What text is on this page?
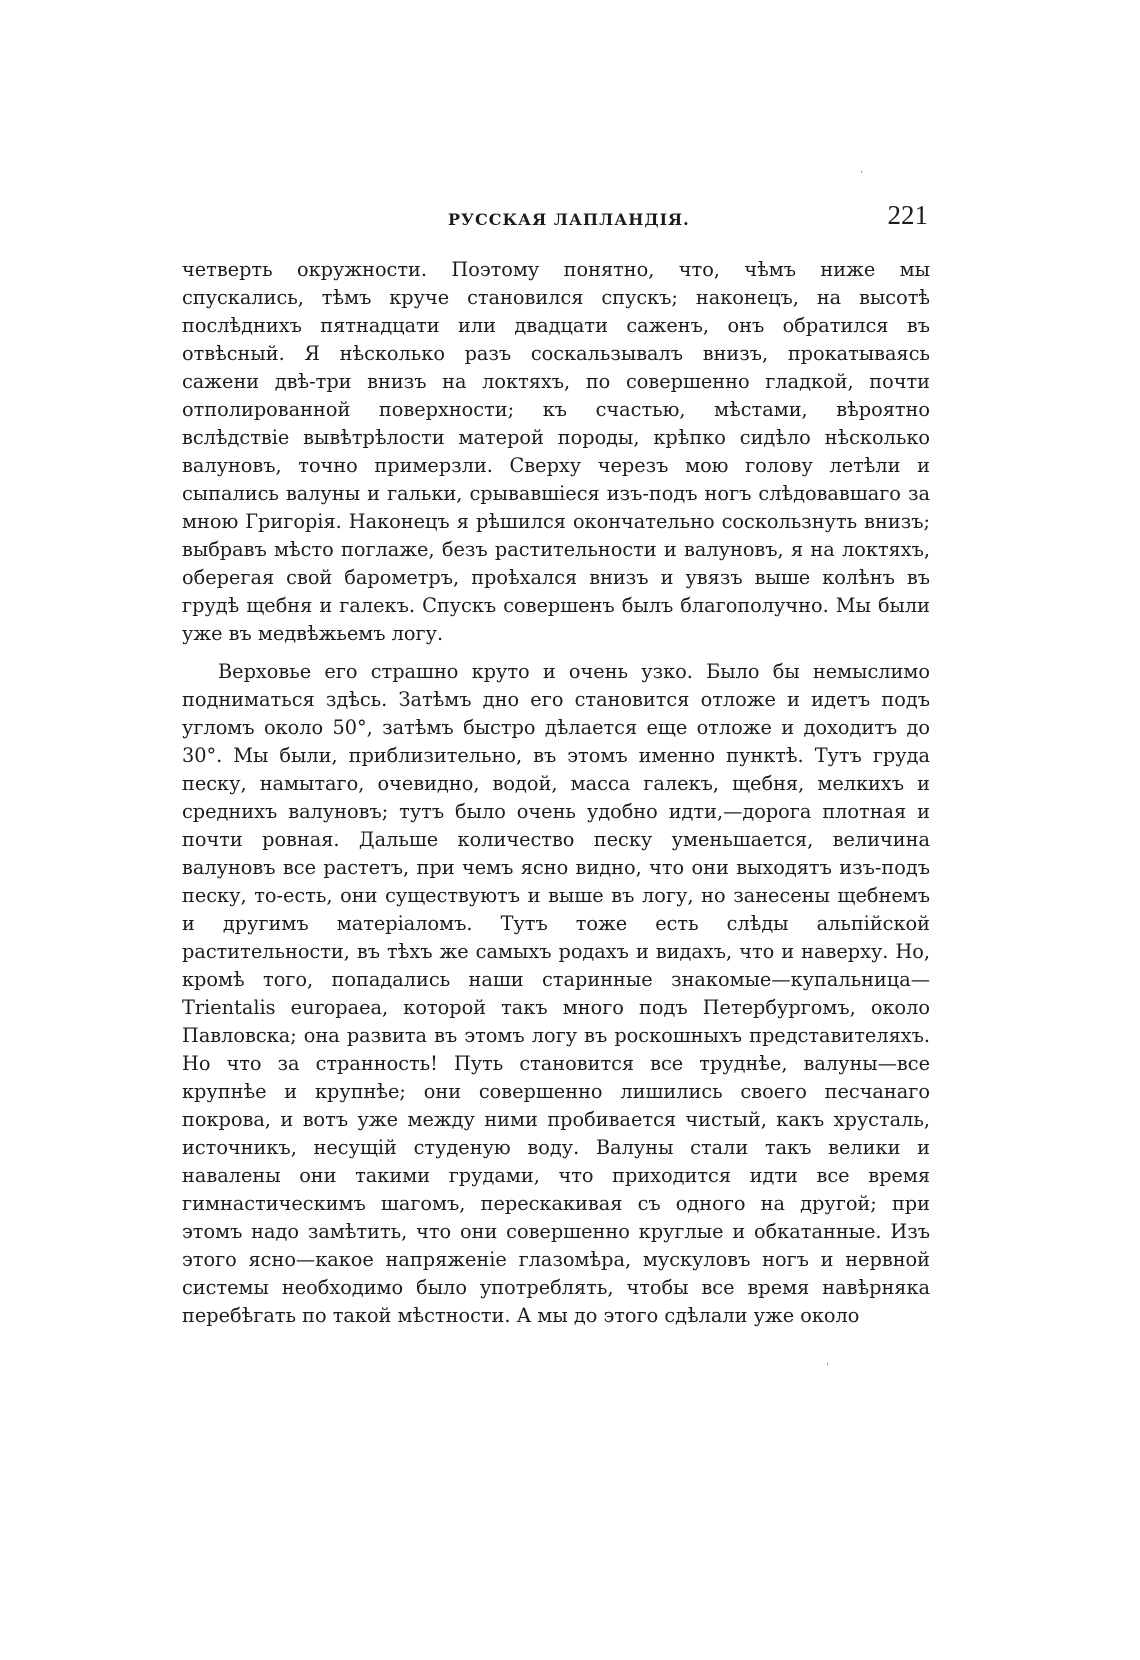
ʼ
РУССКАЯ ЛАПЛАНДІЯ.	221

четверть окружности. Поэтому понятно, что, чѣмъ ниже мы спускались, тѣмъ круче становился спускъ; наконецъ, на высотѣ послѣднихъ пятнадцати или двадцати саженъ, онъ обратился въ отвѣсный. Я нѣсколько разъ соскальзывалъ внизъ, прокатываясь сажени двѣ-три внизъ на локтяхъ, по совершенно гладкой, почти отполированной поверхности; къ счастью, мѣстами, вѣроятно вслѣдствіе вывѣтрѣлости матерой породы, крѣпко сидѣло нѣсколько валуновъ, точно примерзли. Сверху черезъ мою голову летѣли и сыпались валуны и гальки, срывавшіеся изъ-подъ ногъ слѣдовавшаго за мною Григорія. Наконецъ я рѣшился окончательно соскользнуть внизъ; выбравъ мѣсто поглаже, безъ растительности и валуновъ, я на локтяхъ, оберегая свой барометръ, проѣхался внизъ и увязъ выше колѣнъ въ грудѣ щебня и галекъ. Спускъ совершенъ былъ благополучно. Мы были уже въ медвѣжьемъ логу.

Верховье его страшно круто и очень узко. Было бы немыслимо подниматься здѣсь. Затѣмъ дно его становится отложе и идетъ подъ угломъ около 50°, затѣмъ быстро дѣлается еще отложе и доходитъ до 30°. Мы были, приблизительно, въ этомъ именно пунктѣ. Тутъ груда песку, намытаго, очевидно, водой, масса галекъ, щебня, мелкихъ и среднихъ валуновъ; тутъ было очень удобно идти,—дорога плотная и почти ровная. Дальше количество песку уменьшается, величина валуновъ все растетъ, при чемъ ясно видно, что они выходятъ изъ-подъ песку, то-есть, они существуютъ и выше въ логу, но занесены щебнемъ и другимъ матеріаломъ. Тутъ тоже есть слѣды альпійской растительности, въ тѣхъ же самыхъ родахъ и видахъ, что и наверху. Но, кромѣ того, попадались наши старинные знакомые—купальница—Trientalis europaea, которой такъ много подъ Петербургомъ, около Павловска; она развита въ этомъ логу въ роскошныхъ представителяхъ. Но что за странность! Путь становится все труднѣе, валуны—все крупнѣе и крупнѣе; они совершенно лишились своего песчанаго покрова, и вотъ уже между ними пробивается чистый, какъ хрусталь, источникъ, несущій студеную воду. Валуны стали такъ велики и навалены они такими грудами, что приходится идти все время гимнастическимъ шагомъ, перескакивая съ одного на другой; при этомъ надо замѣтить, что они совершенно круглые и обкатанные. Изъ этого ясно—какое напряженіе глазомѣра, мускуловъ ногъ и нервной системы необходимо было употреблять, чтобы все время навѣрняка перебѣгать по такой мѣстности. А мы до этого сдѣлали уже около

ˌ
